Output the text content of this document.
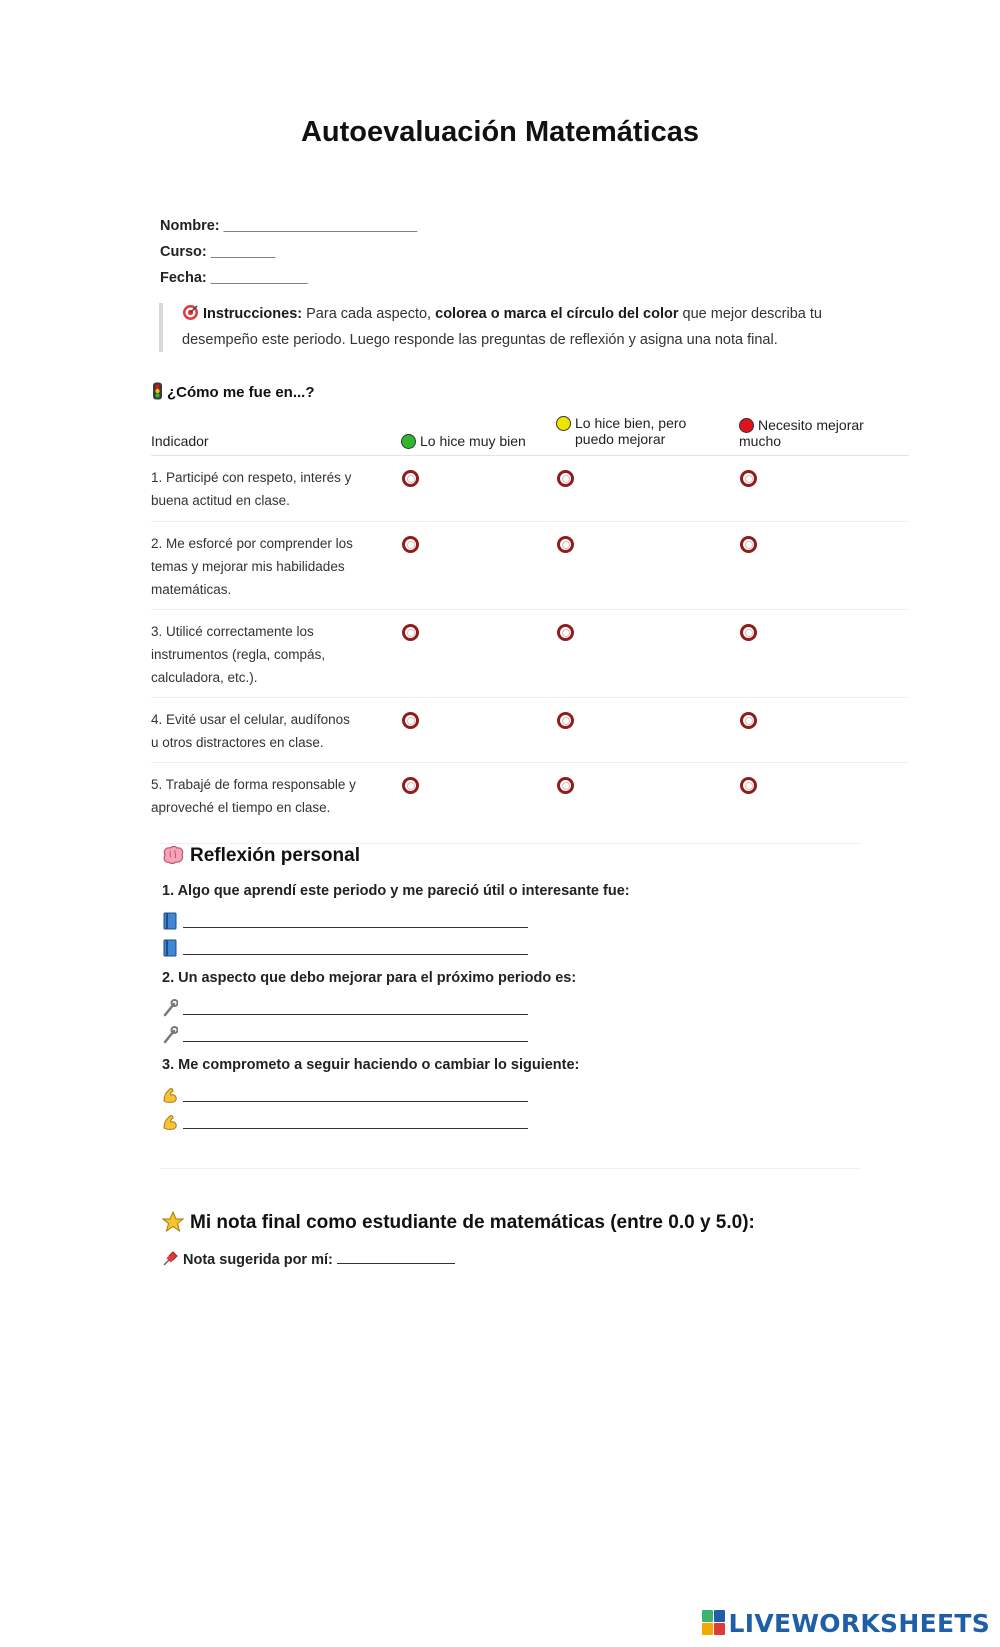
Autoevaluación Matemáticas
Nombre: ________________________
Curso: ________
Fecha: ____________
Instrucciones: Para cada aspecto, colorea o marca el círculo del color que mejor describa tu desempeño este periodo. Luego responde las preguntas de reflexión y asigna una nota final.
¿Cómo me fue en...?
Indicador	Lo hice muy bien
Lo hice bien, pero puedo mejorar
Necesito mejorar mucho
1. Participé con respeto, interés y buena actitud en clase.
2. Me esforcé por comprender los temas y mejorar mis habilidades matemáticas.
3. Utilicé correctamente los instrumentos (regla, compás, calculadora, etc.).
4. Evité usar el celular, audífonos u otros distractores en clase.
5. Trabajé de forma responsable y aproveché el tiempo en clase.
Reflexión personal
1. Algo que aprendí este periodo y me pareció útil o interesante fue:
2. Un aspecto que debo mejorar para el próximo periodo es:
3. Me comprometo a seguir haciendo o cambiar lo siguiente:
Mi nota final como estudiante de matemáticas (entre 0.0 y 5.0):
Nota sugerida por mí:
LIVEWORKSHEETS
